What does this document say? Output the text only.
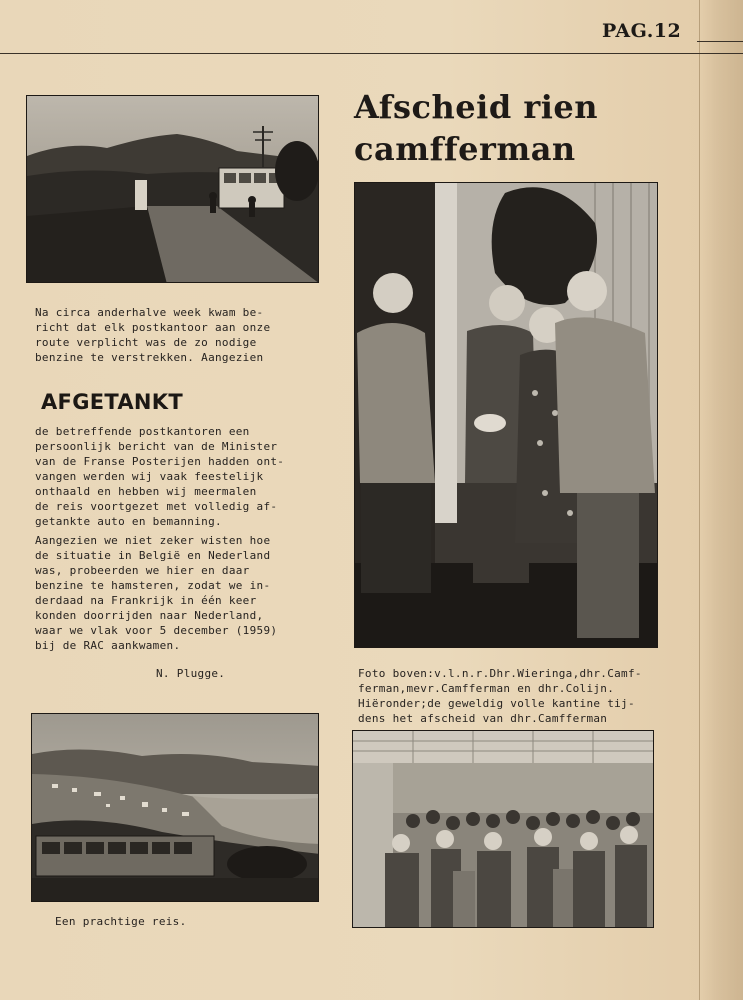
PAG.12
Na circa anderhalve week kwam be-
richt dat elk postkantoor aan onze
route verplicht was de zo nodige
benzine te verstrekken. Aangezien
AFGETANKT
de betreffende postkantoren een
persoonlijk bericht van de Minister
van de Franse Posterijen hadden ont-
vangen werden wij vaak feestelijk
onthaald en hebben wij meermalen
de reis voortgezet met volledig af-
getankte auto en bemanning.
Aangezien we niet zeker wisten hoe
de situatie in België en Nederland
was, probeerden we hier en daar
benzine te hamsteren, zodat we in-
derdaad na Frankrijk in één keer
konden doorrijden naar Nederland,
waar we vlak voor 5 december (1959)
bij de RAC aankwamen.
N. Plugge.
Een prachtige reis.
Afscheid rien
camfferman
Foto boven:v.l.n.r.Dhr.Wieringa,dhr.Camf-
ferman,mevr.Camfferman en dhr.Colijn.
Hiëronder;de geweldig volle kantine tij-
dens het afscheid van dhr.Camfferman
